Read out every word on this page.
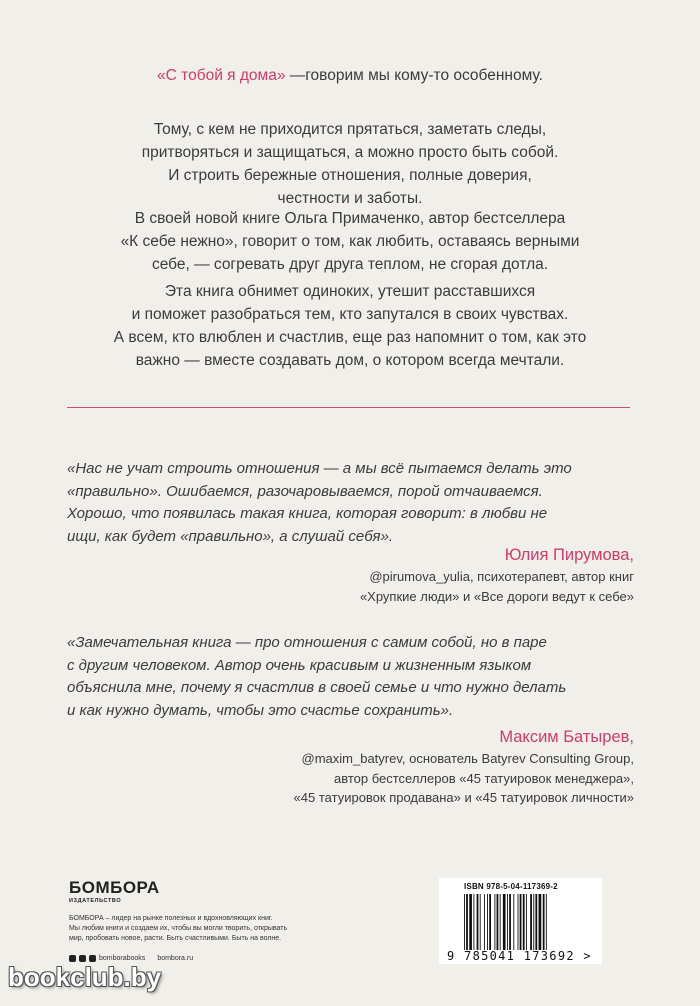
«С тобой я дома» —говорим мы кому-то особенному.

Тому, с кем не приходится прятаться, заметать следы,

притворяться и защищаться, а можно просто быть собой.

И строить бережные отношения, полные доверия,

честности и заботы.

В своей новой книге Ольга Примаченко, автор бестселлера

«К себе нежно», говорит о том, как любить, оставаясь верными

себе, — согревать друг друга теплом, не сгорая дотла.

Эта книга обнимет одиноких, утешит расставшихся

и поможет разобраться тем, кто запутался в своих чувствах.

А всем, кто влюблен и счастлив, еще раз напомнит о том, как это

важно — вместе создавать дом, о котором всегда мечтали.

«Нас не учат строить отношения — а мы всё пытаемся делать это

«правильно». Ошибаемся, разочаровываемся, порой отчаиваемся.

Хорошо, что появилась такая книга, которая говорит: в любви не

ищи, как будет «правильно», а слушай себя».

Юлия Пирумова,
@pirumova_yulia, психотерапевт, автор книг
«Хрупкие люди» и «Все дороги ведут к себе»

«Замечательная книга — про отношения с самим собой, но в паре

с другим человеком. Автор очень красивым и жизненным языком

объяснила мне, почему я счастлив в своей семье и что нужно делать

и как нужно думать, чтобы это счастье сохранить».

Максим Батырев,
@maxim_batyrev, основатель Batyrev Consulting Group,
автор бестселлеров «45 татуировок менеджера»,
«45 татуировок продавана» и «45 татуировок личности»
БОМБОРА
ИЗДАТЕЛЬСТВО

БОМБОРА – лидер на рынке полезных и вдохновляющих книг.

Мы любим книги и создаем их, чтобы вы могли творить, открывать

мир, пробовать новое, расти. Быть счастливыми. Быть на волне.

bomborabooks bombora.ru
ISBN 978-5-04-117369-2
9 785041 173692 >
bookclub.by
